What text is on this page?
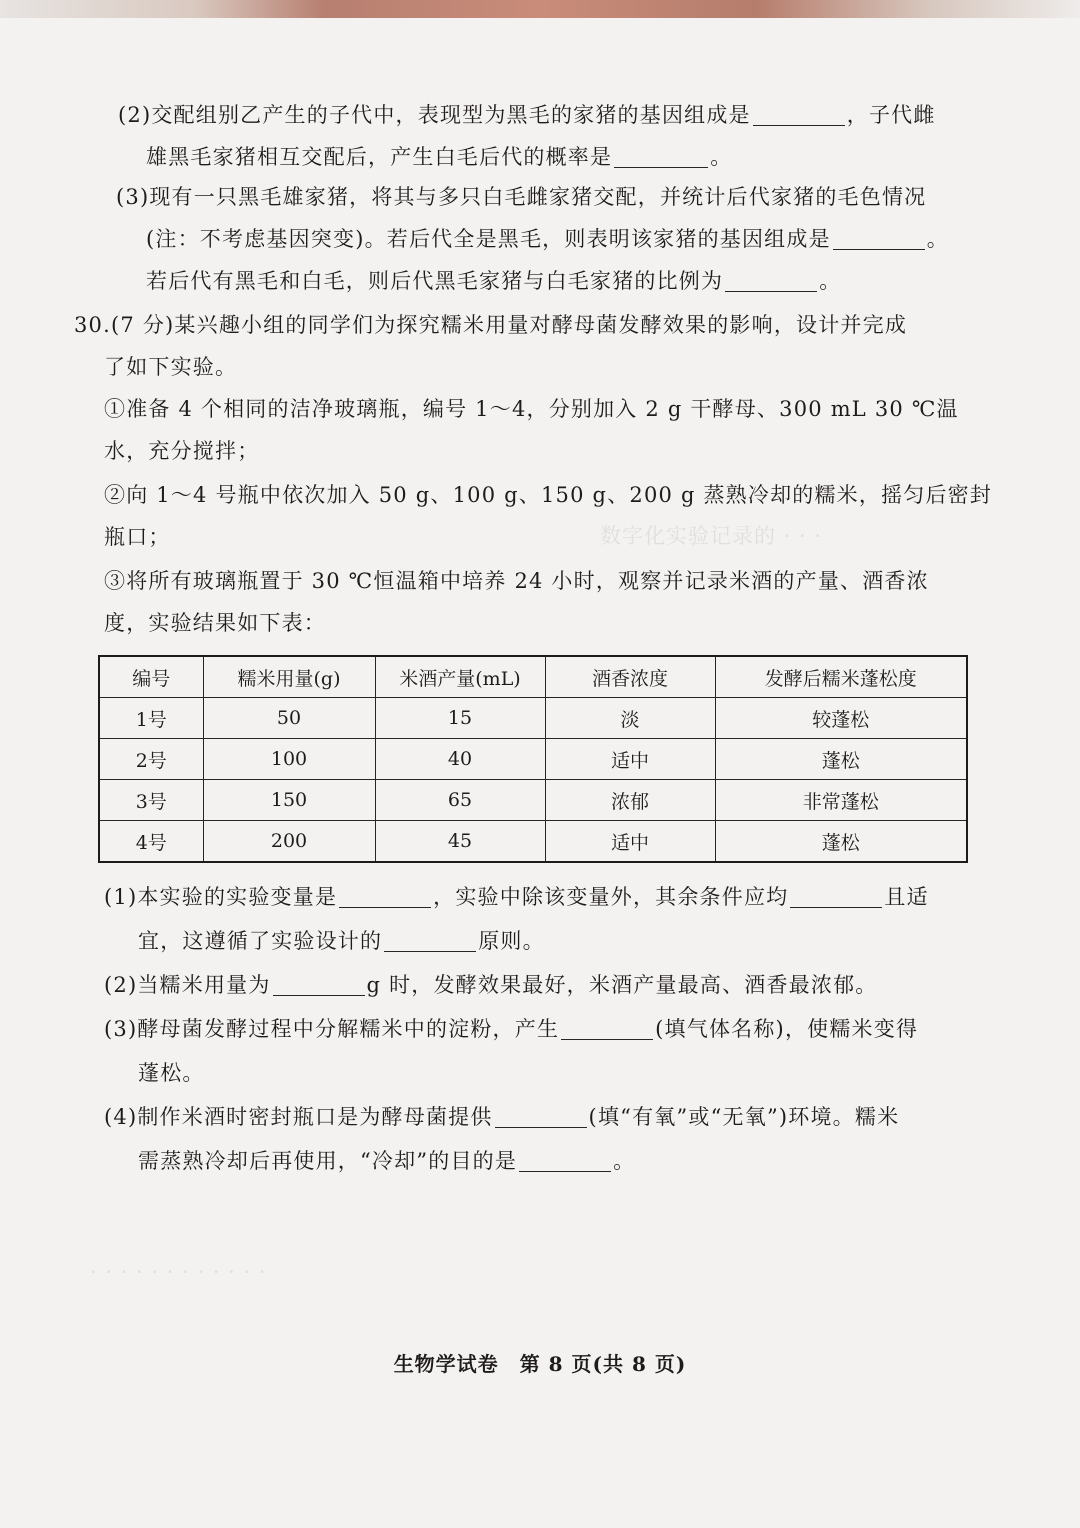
数字化实验记录的 · · ·
· · · · · · · · · · · ·
(2)交配组别乙产生的子代中，表现型为黑毛的家猪的基因组成是	，子代雌
雄黑毛家猪相互交配后，产生白毛后代的概率是	。
(3)现有一只黑毛雄家猪，将其与多只白毛雌家猪交配，并统计后代家猪的毛色情况
(注：不考虑基因突变)。若后代全是黑毛，则表明该家猪的基因组成是	。
若后代有黑毛和白毛，则后代黑毛家猪与白毛家猪的比例为	。
30.(7 分)某兴趣小组的同学们为探究糯米用量对酵母菌发酵效果的影响，设计并完成
了如下实验。
①准备 4 个相同的洁净玻璃瓶，编号 1～4，分别加入 2 g 干酵母、300 mL 30 ℃温
水，充分搅拌；
②向 1～4 号瓶中依次加入 50 g、100 g、150 g、200 g 蒸熟冷却的糯米，摇匀后密封
瓶口；
③将所有玻璃瓶置于 30 ℃恒温箱中培养 24 小时，观察并记录米酒的产量、酒香浓
度，实验结果如下表：
编号	糯米用量(g)	米酒产量(mL)	酒香浓度	发酵后糯米蓬松度
1号	50	15	淡	较蓬松
2号	100	40	适中	蓬松
3号	150	65	浓郁	非常蓬松
4号	200	45	适中	蓬松
(1)本实验的实验变量是	，实验中除该变量外，其余条件应均	且适
宜，这遵循了实验设计的	原则。
(2)当糯米用量为	g 时，发酵效果最好，米酒产量最高、酒香最浓郁。
(3)酵母菌发酵过程中分解糯米中的淀粉，产生	(填气体名称)，使糯米变得
蓬松。
(4)制作米酒时密封瓶口是为酵母菌提供	(填“有氧”或“无氧”)环境。糯米
需蒸熟冷却后再使用，“冷却”的目的是	。
生物学试卷　第 8 页(共 8 页)
